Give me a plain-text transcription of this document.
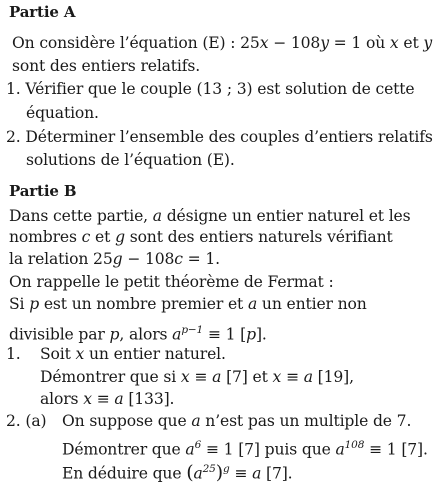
Partie A
On considère l’équation (E) : 25x − 108y = 1 où x et y
sont des entiers relatifs.
1. Vérifier que le couple (13 ; 3) est solution de cette
équation.
2. Déterminer l’ensemble des couples d’entiers relatifs
solutions de l’équation (E).
Partie B
Dans cette partie, a désigne un entier naturel et les
nombres c et g sont des entiers naturels vérifiant
la relation 25g − 108c = 1.
On rappelle le petit théorème de Fermat :
Si p est un nombre premier et a un entier non
divisible par p, alors $a^{p-1} \equiv 1$ [p].
1. Soit x un entier naturel.
Démontrer que si x ≡ a [7] et x ≡ a [19],
alors x ≡ a [133].
2. (a) On suppose que a n’est pas un multiple de 7.
Démontrer que $a^6 \equiv 1$ [7] puis que $a^{108} \equiv 1$ [7].
En déduire que $(a^{25})^g \equiv a$ [7].
